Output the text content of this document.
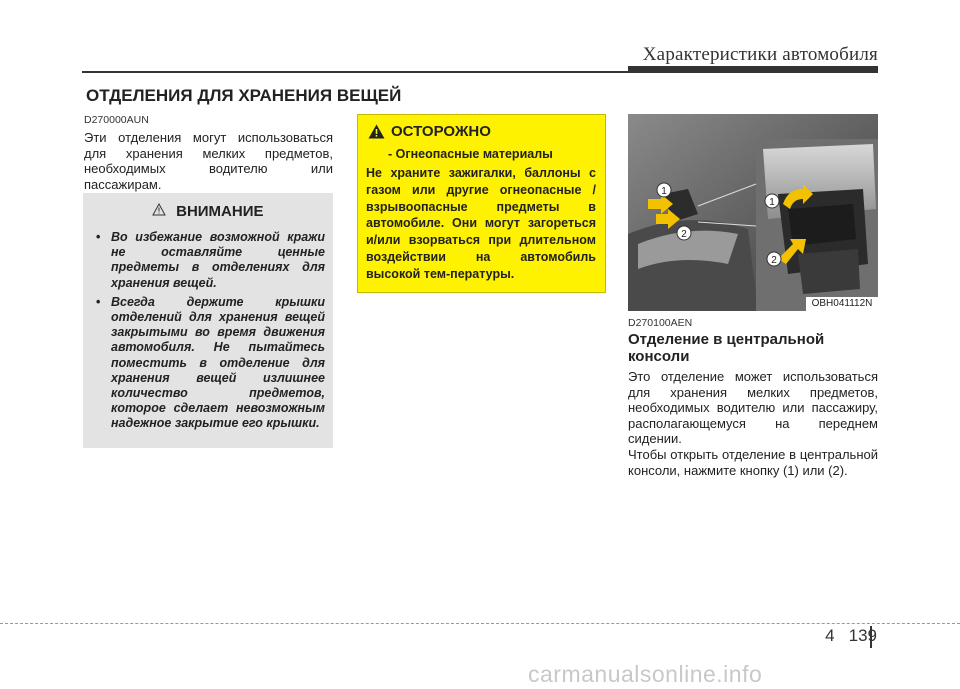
Характеристики автомобиля
ОТДЕЛЕНИЯ ДЛЯ ХРАНЕНИЯ ВЕЩЕЙ
D270000AUN
Эти отделения могут использоваться для хранения мелких предметов, необходимых водителю или пассажирам.
ВНИМАНИЕ
• Во избежание возможной кражи не оставляйте ценные предметы в отделениях для хранения вещей.
• Всегда держите крышки отделений для хранения вещей закрытыми во время движения автомобиля. Не пытайтесь поместить в отделение для хранения вещей излишнее количество предметов, которое сделает невозможным надежное закрытие его крышки.
ОСТОРОЖНО
- Огнеопасные материалы
Не храните зажигалки, баллоны с газом или другие огнеопасные / взрывоопасные предметы в автомобиле. Они могут загореться и/или взорваться при длительном воздействии на автомобиль высокой тем-пературы.
1
2
1
2
OBH041112N
D270100AEN
Отделение в центральной консоли
Это отделение может использоваться для хранения мелких предметов, необходимых водителю или пассажиру, располагающемуся на переднем сидении.
Чтобы открыть отделение в центральной консоли, нажмите кнопку (1) или (2).
4 139
carmanualsonline.info
